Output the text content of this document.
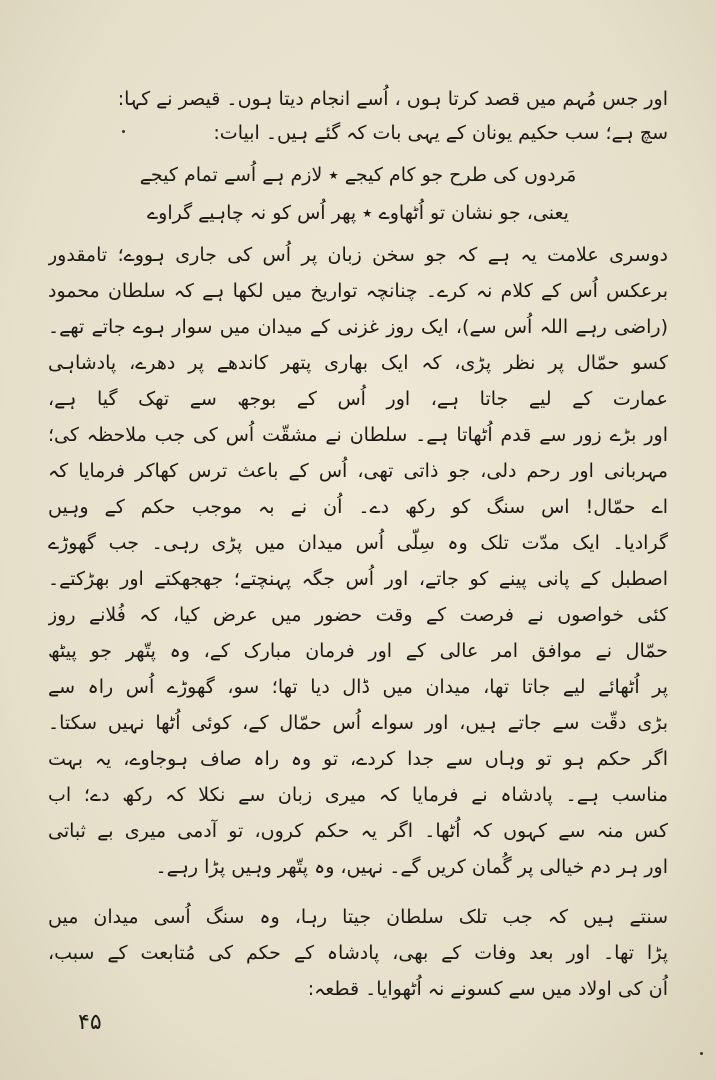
اور جس مُہم میں قصد کرتا ہوں ، اُسے انجام دیتا ہوں۔ قیصر نے کہا:
سچ ہے؛ سب حکیم یونان کے یہی بات کہ گئے ہیں۔ ابیات:
مَردوں کی طرح جو کام کیجے ٭ لازم ہے اُسے تمام کیجے
یعنی، جو نشان تو اُٹھاوے ٭ پھر اُس کو نہ چاہیے گراوے
دوسری علامت یہ ہے کہ جو سخن زبان پر اُس کی جاری ہووے؛ تامقدور
برعکس اُس کے کلام نہ کرے۔ چنانچہ تواریخ میں لکھا ہے کہ سلطان محمود
(راضی رہے اللہ اُس سے)، ایک روز غزنی کے میدان میں سوار ہوے جاتے تھے۔
کسو حمّال پر نظر پڑی، کہ ایک بھاری پتھر کاندھے پر دھرے، پادشاہی
عمارت کے لیے جاتا ہے، اور اُس کے بوجھ سے تھک گیا ہے،
اور بڑے زور سے قدم اُٹھاتا ہے۔ سلطان نے مشقّت اُس کی جب ملاحظہ کی؛
مہربانی اور رحم دلی، جو ذاتی تھی، اُس کے باعث ترس کھاکر فرمایا کہ
اے حمّال! اس سنگ کو رکھ دے۔ اُن نے بہ موجب حکم کے وہیں
گرادیا۔ ایک مدّت تلک وہ سِلّی اُس میدان میں پڑی رہی۔ جب گھوڑے
اصطبل کے پانی پینے کو جاتے، اور اُس جگہ پہنچتے؛ جھجھکتے اور بھڑکتے۔
کئی خواصوں نے فرصت کے وقت حضور میں عرض کیا، کہ فُلانے روز
حمّال نے موافق امر عالی کے اور فرمان مبارک کے، وہ پتّھر جو پیٹھ
پر اُٹھائے لیے جاتا تھا، میدان میں ڈال دیا تھا؛ سو، گھوڑے اُس راہ سے
بڑی دقّت سے جاتے ہیں، اور سواے اُس حمّال کے، کوئی اُٹھا نہیں سکتا۔
اگر حکم ہو تو وہاں سے جدا کردے، تو وہ راہ صاف ہوجاوے، یہ بہت
مناسب ہے۔ پادشاہ نے فرمایا کہ میری زبان سے نکلا کہ رکھ دے؛ اب
کس منہ سے کہوں کہ اُٹھا۔ اگر یہ حکم کروں، تو آدمی میری بے ثباتی
اور ہر دم خیالی پر گُمان کریں گے۔ نہیں، وہ پتّھر وہیں پڑا رہے۔
سنتے ہیں کہ جب تلک سلطان جیتا رہا، وہ سنگ اُسی میدان میں
پڑا تھا۔ اور بعد وفات کے بھی، پادشاہ کے حکم کی مُتابعت کے سبب،
اُن کی اولاد میں سے کسونے نہ اُٹھوایا۔ قطعہ:
۴۵
